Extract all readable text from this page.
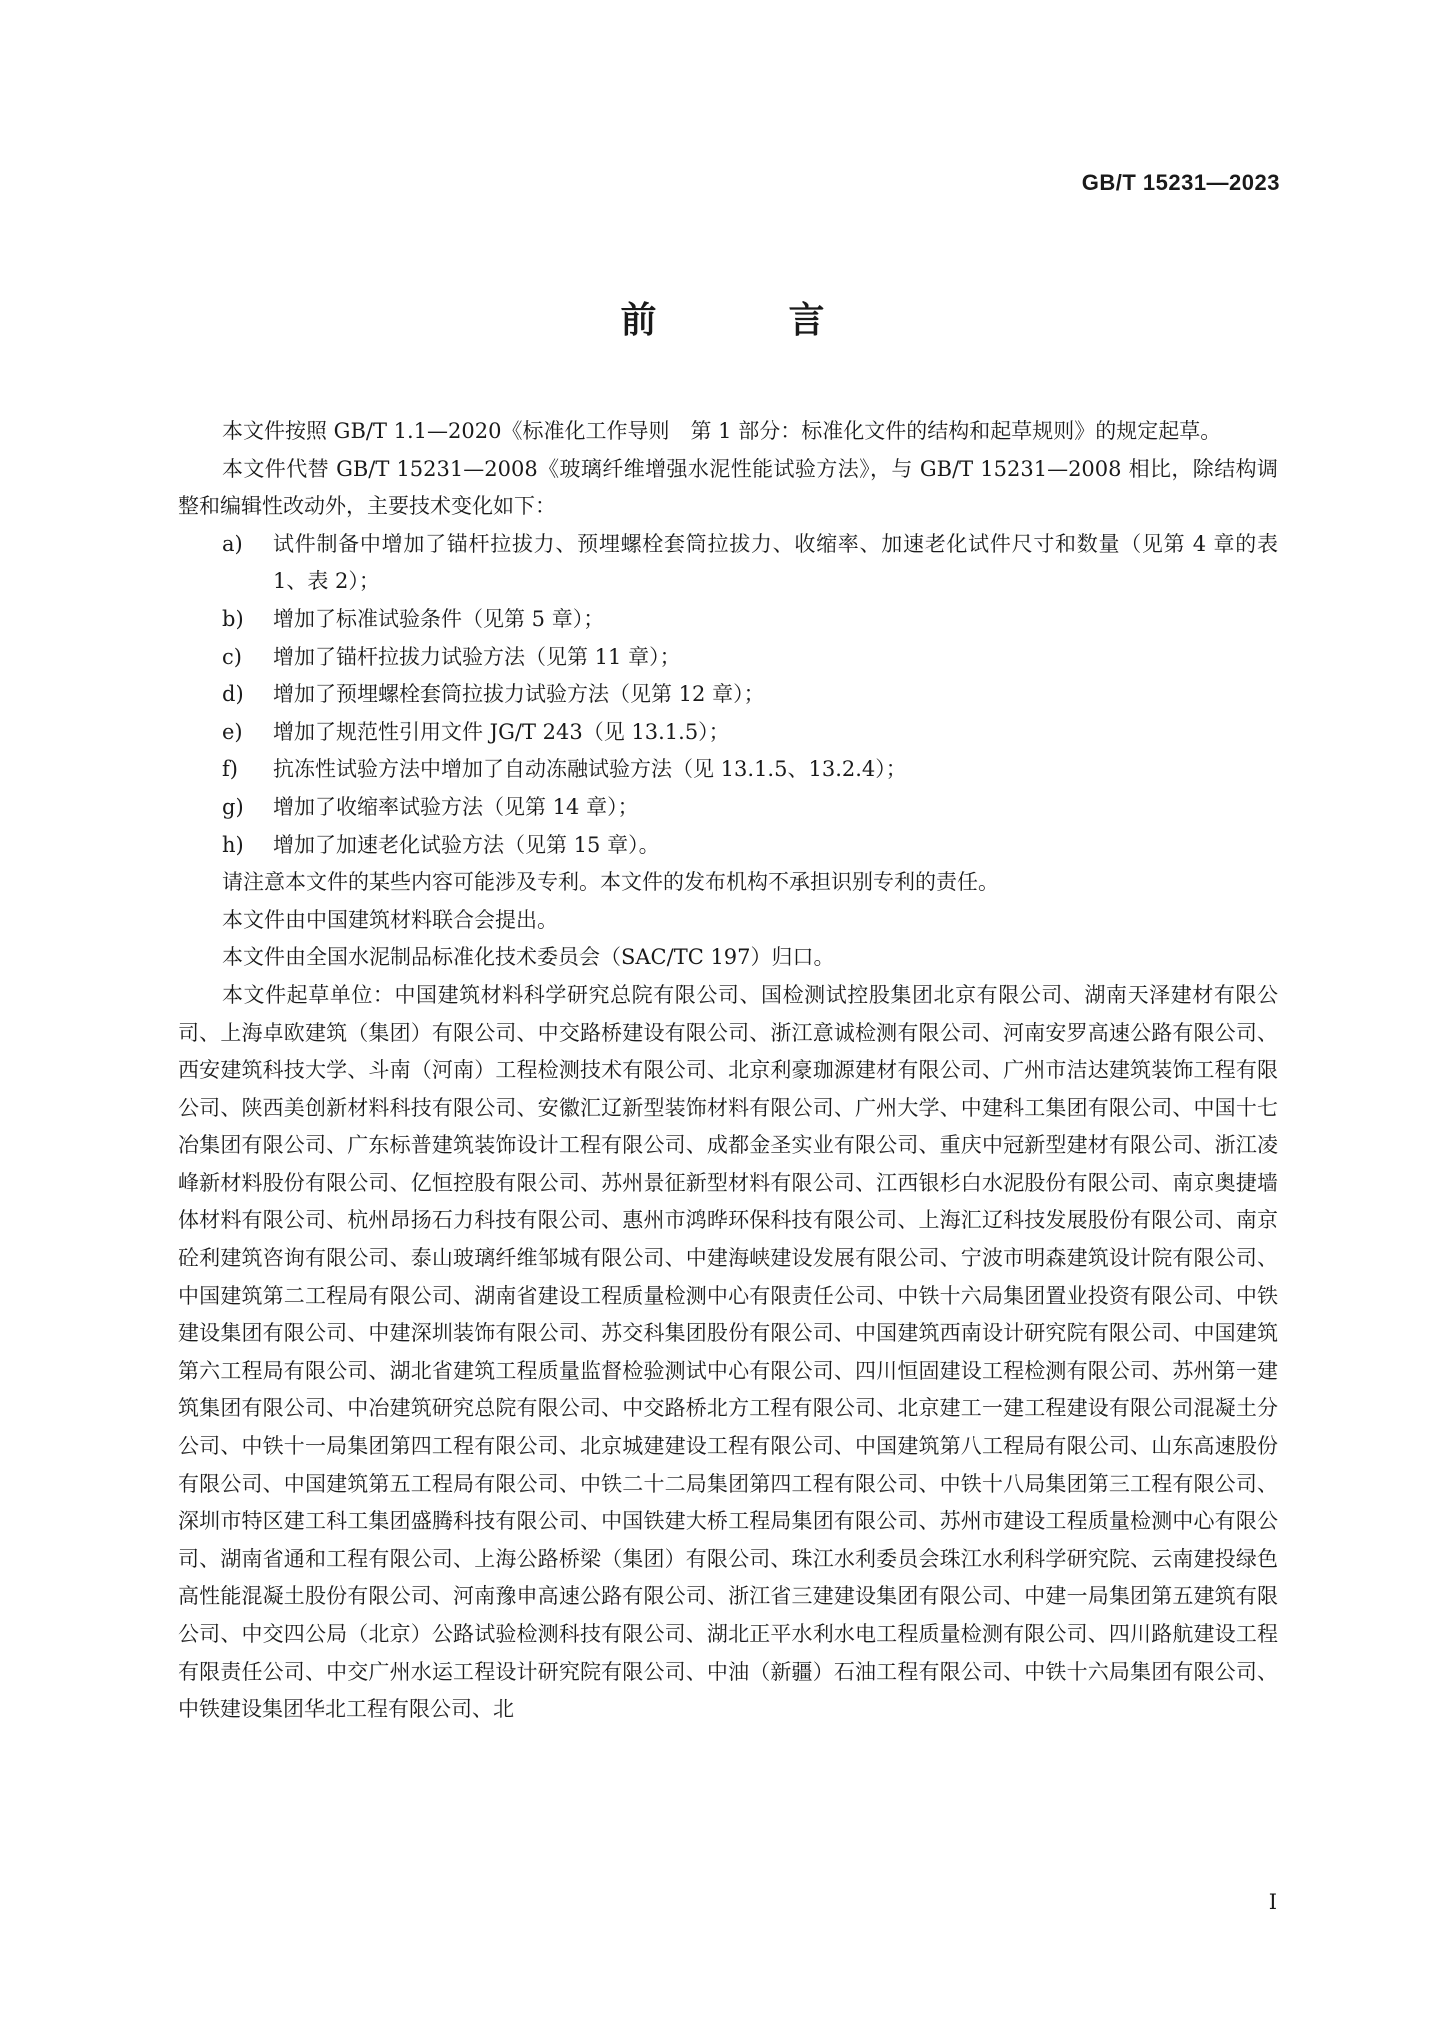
GB/T 15231—2023
前　言

本文件按照 GB/T 1.1—2020《标准化工作导则　第 1 部分：标准化文件的结构和起草规则》的规定起草。

本文件代替 GB/T 15231—2008《玻璃纤维增强水泥性能试验方法》，与 GB/T 15231—2008 相比，除结构调整和编辑性改动外，主要技术变化如下：

a) 试件制备中增加了锚杆拉拔力、预埋螺栓套筒拉拔力、收缩率、加速老化试件尺寸和数量（见第 4 章的表 1、表 2）；
b) 增加了标准试验条件（见第 5 章）；
c) 增加了锚杆拉拔力试验方法（见第 11 章）；
d) 增加了预埋螺栓套筒拉拔力试验方法（见第 12 章）；
e) 增加了规范性引用文件 JG/T 243（见 13.1.5）；
f) 抗冻性试验方法中增加了自动冻融试验方法（见 13.1.5、13.2.4）；
g) 增加了收缩率试验方法（见第 14 章）；
h) 增加了加速老化试验方法（见第 15 章）。

请注意本文件的某些内容可能涉及专利。本文件的发布机构不承担识别专利的责任。

本文件由中国建筑材料联合会提出。

本文件由全国水泥制品标准化技术委员会（SAC/TC 197）归口。

本文件起草单位：中国建筑材料科学研究总院有限公司、国检测试控股集团北京有限公司、湖南天泽建材有限公司、上海卓欧建筑（集团）有限公司、中交路桥建设有限公司、浙江意诚检测有限公司、河南安罗高速公路有限公司、西安建筑科技大学、斗南（河南）工程检测技术有限公司、北京利豪珈源建材有限公司、广州市洁达建筑装饰工程有限公司、陕西美创新材料科技有限公司、安徽汇辽新型装饰材料有限公司、广州大学、中建科工集团有限公司、中国十七冶集团有限公司、广东标普建筑装饰设计工程有限公司、成都金圣实业有限公司、重庆中冠新型建材有限公司、浙江凌峰新材料股份有限公司、亿恒控股有限公司、苏州景征新型材料有限公司、江西银杉白水泥股份有限公司、南京奥捷墙体材料有限公司、杭州昂扬石力科技有限公司、惠州市鸿晔环保科技有限公司、上海汇辽科技发展股份有限公司、南京砼利建筑咨询有限公司、泰山玻璃纤维邹城有限公司、中建海峡建设发展有限公司、宁波市明森建筑设计院有限公司、中国建筑第二工程局有限公司、湖南省建设工程质量检测中心有限责任公司、中铁十六局集团置业投资有限公司、中铁建设集团有限公司、中建深圳装饰有限公司、苏交科集团股份有限公司、中国建筑西南设计研究院有限公司、中国建筑第六工程局有限公司、湖北省建筑工程质量监督检验测试中心有限公司、四川恒固建设工程检测有限公司、苏州第一建筑集团有限公司、中冶建筑研究总院有限公司、中交路桥北方工程有限公司、北京建工一建工程建设有限公司混凝土分公司、中铁十一局集团第四工程有限公司、北京城建建设工程有限公司、中国建筑第八工程局有限公司、山东高速股份有限公司、中国建筑第五工程局有限公司、中铁二十二局集团第四工程有限公司、中铁十八局集团第三工程有限公司、深圳市特区建工科工集团盛腾科技有限公司、中国铁建大桥工程局集团有限公司、苏州市建设工程质量检测中心有限公司、湖南省通和工程有限公司、上海公路桥梁（集团）有限公司、珠江水利委员会珠江水利科学研究院、云南建投绿色高性能混凝土股份有限公司、河南豫申高速公路有限公司、浙江省三建建设集团有限公司、中建一局集团第五建筑有限公司、中交四公局（北京）公路试验检测科技有限公司、湖北正平水利水电工程质量检测有限公司、四川路航建设工程有限责任公司、中交广州水运工程设计研究院有限公司、中油（新疆）石油工程有限公司、中铁十六局集团有限公司、中铁建设集团华北工程有限公司、北

I
